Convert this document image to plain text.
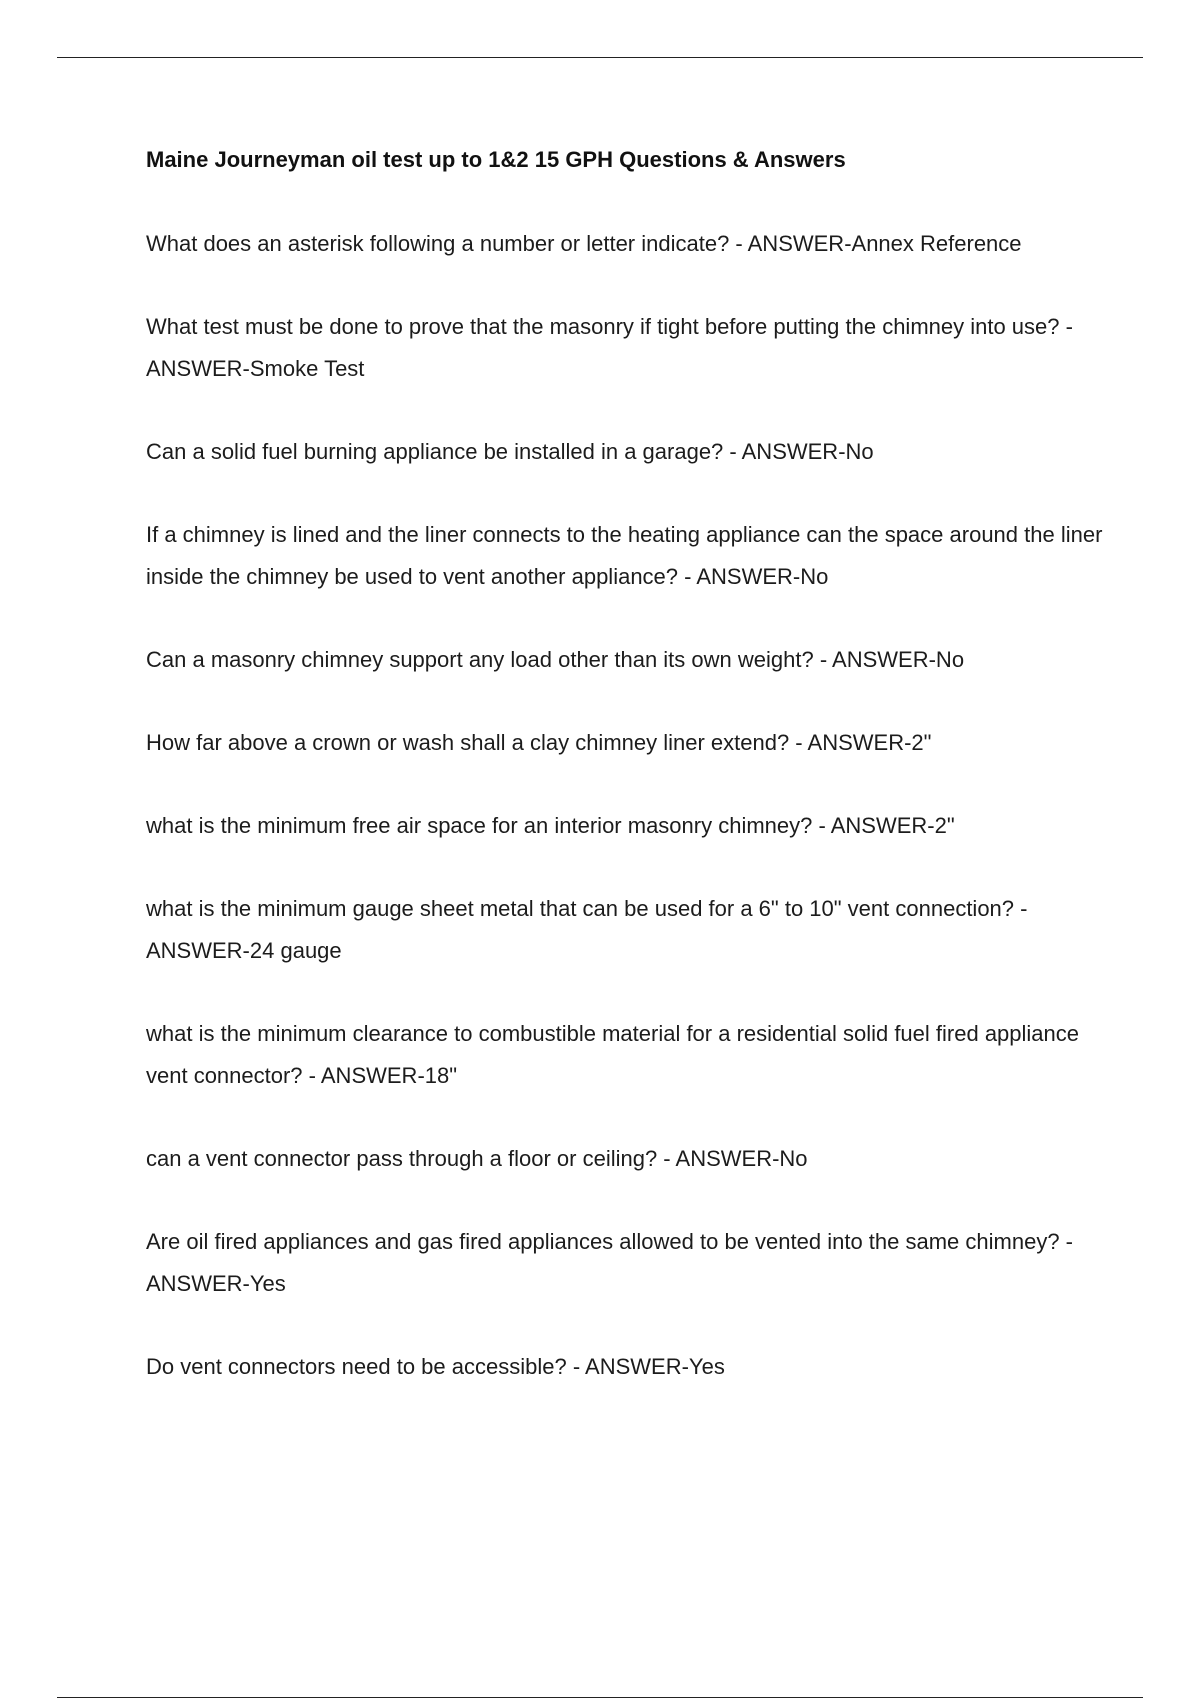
Maine Journeyman oil test up to 1&2 15 GPH Questions & Answers
What does an asterisk following a number or letter indicate? - ANSWER-Annex Reference
What test must be done to prove that the masonry if tight before putting the chimney into use? - ANSWER-Smoke Test
Can a solid fuel burning appliance be installed in a garage? - ANSWER-No
If a chimney is lined and the liner connects to the heating appliance can the space around the liner inside the chimney be used to vent another appliance? - ANSWER-No
Can a masonry chimney support any load other than its own weight? - ANSWER-No
How far above a crown or wash shall a clay chimney liner extend? - ANSWER-2"
what is the minimum free air space for an interior masonry chimney? - ANSWER-2"
what is the minimum gauge sheet metal that can be used for a 6" to 10" vent connection? - ANSWER-24 gauge
what is the minimum clearance to combustible material for a residential solid fuel fired appliance vent connector? - ANSWER-18"
can a vent connector pass through a floor or ceiling? - ANSWER-No
Are oil fired appliances and gas fired appliances allowed to be vented into the same chimney? - ANSWER-Yes
Do vent connectors need to be accessible? - ANSWER-Yes
